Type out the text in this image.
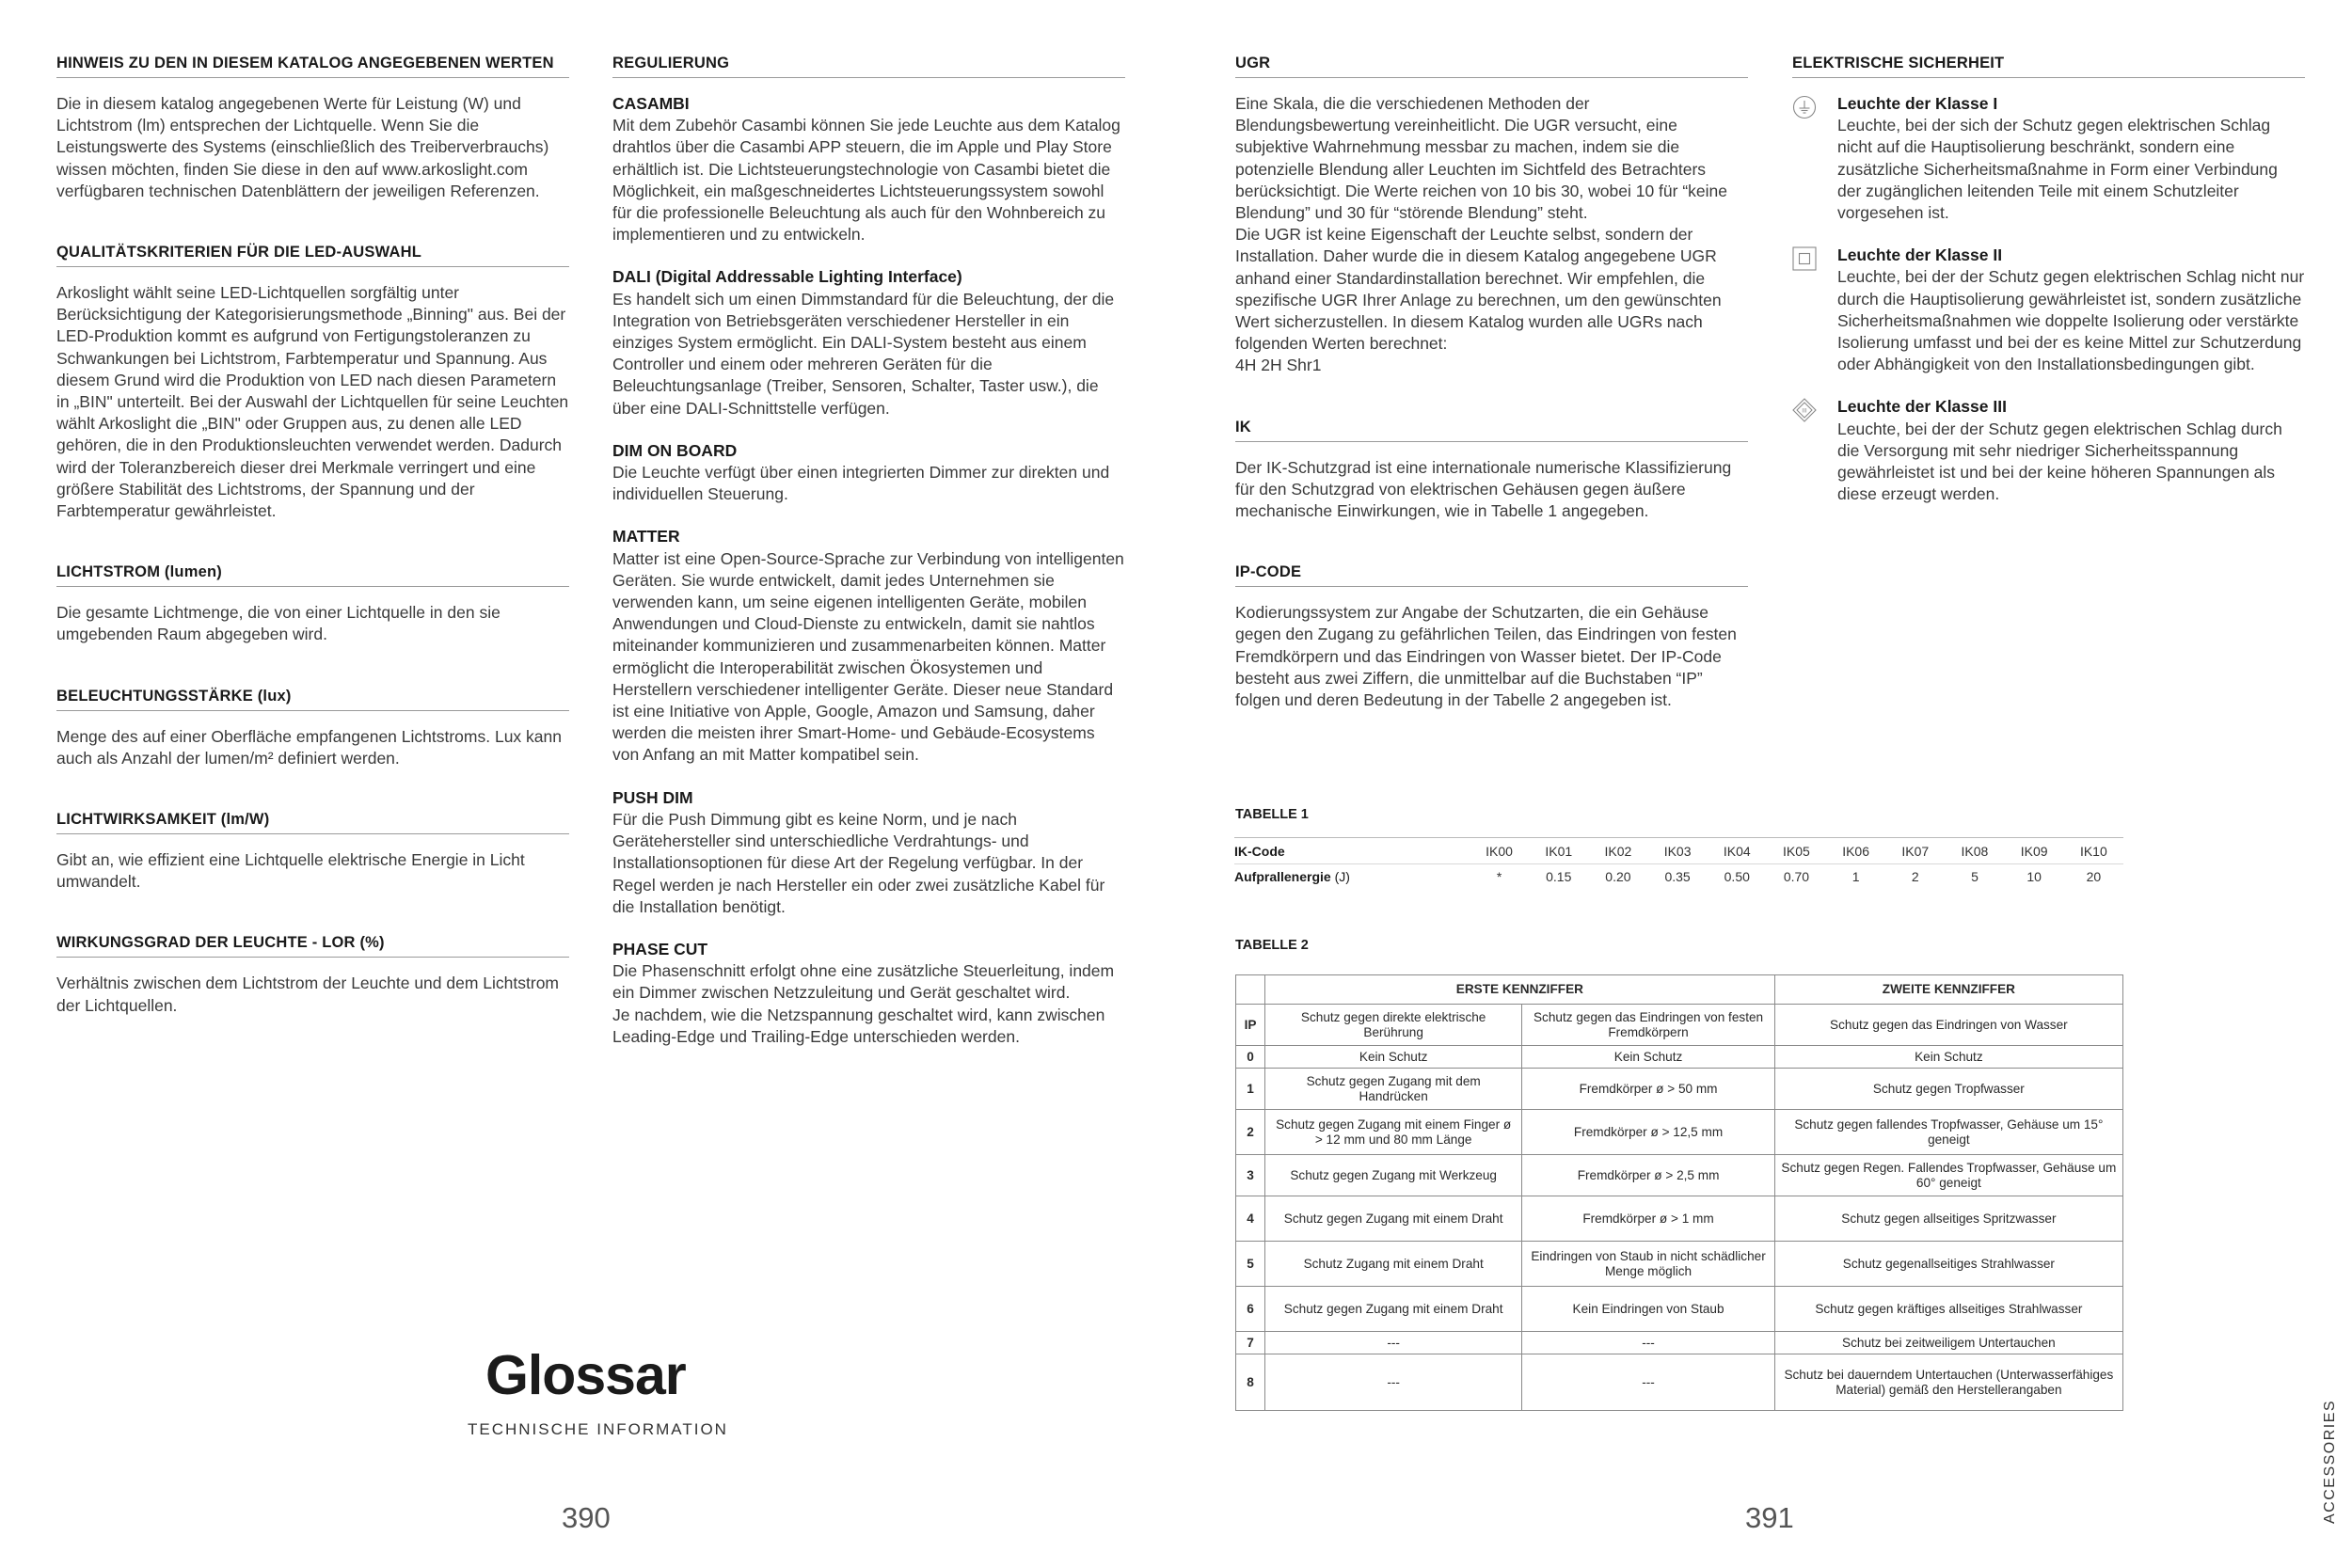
HINWEIS ZU DEN IN DIESEM KATALOG ANGEGEBENEN WERTEN

Die in diesem katalog angegebenen Werte für Leistung (W) und Lichtstrom (lm) entsprechen der Lichtquelle. Wenn Sie die Leistungswerte des Systems (einschließlich des Treiberverbrauchs) wissen möchten, finden Sie diese in den auf www.arkoslight.com verfügbaren technischen Datenblättern der jeweiligen Referenzen.

QUALITÄTSKRITERIEN FÜR DIE LED-AUSWAHL

Arkoslight wählt seine LED-Lichtquellen sorgfältig unter Berücksichtigung der Kategorisierungsmethode „Binning" aus. Bei der LED-Produktion kommt es aufgrund von Fertigungstoleranzen zu Schwankungen bei Lichtstrom, Farbtemperatur und Spannung. Aus diesem Grund wird die Produktion von LED nach diesen Parametern in „BIN" unterteilt. Bei der Auswahl der Lichtquellen für seine Leuchten wählt Arkoslight die „BIN" oder Gruppen aus, zu denen alle LED gehören, die in den Produktionsleuchten verwendet werden. Dadurch wird der Toleranzbereich dieser drei Merkmale verringert und eine größere Stabilität des Lichtstroms, der Spannung und der Farbtemperatur gewährleistet.

LICHTSTROM (lumen)

Die gesamte Lichtmenge, die von einer Lichtquelle in den sie umgebenden Raum abgegeben wird.

BELEUCHTUNGSSTÄRKE (lux)

Menge des auf einer Oberfläche empfangenen Lichtstroms. Lux kann auch als Anzahl der lumen/m² definiert werden.

LICHTWIRKSAMKEIT (lm/W)

Gibt an, wie effizient eine Lichtquelle elektrische Energie in Licht umwandelt.

WIRKUNGSGRAD DER LEUCHTE - LOR (%)

Verhältnis zwischen dem Lichtstrom der Leuchte und dem Lichtstrom der Lichtquellen.

REGULIERUNG

CASAMBI

Mit dem Zubehör Casambi können Sie jede Leuchte aus dem Katalog drahtlos über die Casambi APP steuern, die im Apple und Play Store erhältlich ist. Die Lichtsteuerungstechnologie von Casambi bietet die Möglichkeit, ein maßgeschneidertes Lichtsteuerungssystem sowohl für die professionelle Beleuchtung als auch für den Wohnbereich zu implementieren und zu entwickeln.

DALI (Digital Addressable Lighting Interface)

Es handelt sich um einen Dimmstandard für die Beleuchtung, der die Integration von Betriebsgeräten verschiedener Hersteller in ein einziges System ermöglicht. Ein DALI-System besteht aus einem Controller und einem oder mehreren Geräten für die Beleuchtungsanlage (Treiber, Sensoren, Schalter, Taster usw.), die über eine DALI-Schnittstelle verfügen.

DIM ON BOARD

Die Leuchte verfügt über einen integrierten Dimmer zur direkten und individuellen Steuerung.

MATTER

Matter ist eine Open-Source-Sprache zur Verbindung von intelligenten Geräten. Sie wurde entwickelt, damit jedes Unternehmen sie verwenden kann, um seine eigenen intelligenten Geräte, mobilen Anwendungen und Cloud-Dienste zu entwickeln, damit sie nahtlos miteinander kommunizieren und zusammenarbeiten können. Matter ermöglicht die Interoperabilität zwischen Ökosystemen und Herstellern verschiedener intelligenter Geräte. Dieser neue Standard ist eine Initiative von Apple, Google, Amazon und Samsung, daher werden die meisten ihrer Smart-Home- und Gebäude-Ecosystems von Anfang an mit Matter kompatibel sein.

PUSH DIM

Für die Push Dimmung gibt es keine Norm, und je nach Gerätehersteller sind unterschiedliche Verdrahtungs- und Installationsoptionen für diese Art der Regelung verfügbar. In der Regel werden je nach Hersteller ein oder zwei zusätzliche Kabel für die Installation benötigt.

PHASE CUT

Die Phasenschnitt erfolgt ohne eine zusätzliche Steuerleitung, indem ein Dimmer zwischen Netzzuleitung und Gerät geschaltet wird.
Je nachdem, wie die Netzspannung geschaltet wird, kann zwischen Leading-Edge und Trailing-Edge unterschieden werden.

Glossar
TECHNISCHE INFORMATION
390
UGR

Eine Skala, die die verschiedenen Methoden der Blendungsbewertung vereinheitlicht. Die UGR versucht, eine subjektive Wahrnehmung messbar zu machen, indem sie die potenzielle Blendung aller Leuchten im Sichtfeld des Betrachters berücksichtigt. Die Werte reichen von 10 bis 30, wobei 10 für “keine Blendung” und 30 für “störende Blendung” steht.
Die UGR ist keine Eigenschaft der Leuchte selbst, sondern der Installation. Daher wurde die in diesem Katalog angegebene UGR anhand einer Standardinstallation berechnet. Wir empfehlen, die spezifische UGR Ihrer Anlage zu berechnen, um den gewünschten Wert sicherzustellen. In diesem Katalog wurden alle UGRs nach folgenden Werten berechnet:
4H 2H Shr1

IK

Der IK-Schutzgrad ist eine internationale numerische Klassifizierung für den Schutzgrad von elektrischen Gehäusen gegen äußere mechanische Einwirkungen, wie in Tabelle 1 angegeben.

IP-CODE

Kodierungssystem zur Angabe der Schutzarten, die ein Gehäuse gegen den Zugang zu gefährlichen Teilen, das Eindringen von festen Fremdkörpern und das Eindringen von Wasser bietet. Der IP-Code besteht aus zwei Ziffern, die unmittelbar auf die Buchstaben “IP” folgen und deren Bedeutung in der Tabelle 2 angegeben ist.

ELEKTRISCHE SICHERHEIT

Leuchte der Klasse I

Leuchte, bei der sich der Schutz gegen elektrischen Schlag nicht auf die Hauptisolierung beschränkt, sondern eine zusätzliche Sicherheitsmaßnahme in Form einer Verbindung der zugänglichen leitenden Teile mit einem Schutzleiter vorgesehen ist.

Leuchte der Klasse II

Leuchte, bei der der Schutz gegen elektrischen Schlag nicht nur durch die Hauptisolierung gewährleistet ist, sondern zusätzliche Sicherheitsmaßnahmen wie doppelte Isolierung oder verstärkte Isolierung umfasst und bei der es keine Mittel zur Schutzerdung oder Abhängigkeit von den Installationsbedingungen gibt.

III Leuchte der Klasse III

Leuchte, bei der der Schutz gegen elektrischen Schlag durch die Versorgung mit sehr niedriger Sicherheitsspannung gewährleistet ist und bei der keine höheren Spannungen als diese erzeugt werden.

TABELLE 1
IK-Code	IK00	IK01	IK02	IK03	IK04	IK05	IK06	IK07	IK08	IK09	IK10
Aufprallenergie (J)	*	0.15	0.20	0.35	0.50	0.70	1	2	5	10	20
TABELLE 2
	ERSTE KENNZIFFER		ZWEITE KENNZIFFER
IP	Schutz gegen direkte elektrische Berührung	Schutz gegen das Eindringen von festen Fremdkörpern	Schutz gegen das Eindringen von Wasser
0	Kein Schutz	Kein Schutz	Kein Schutz
1	Schutz gegen Zugang mit dem Handrücken	Fremdkörper ø > 50 mm	Schutz gegen Tropfwasser
2	Schutz gegen Zugang mit einem Finger ø > 12 mm und 80 mm Länge	Fremdkörper ø > 12,5 mm	Schutz gegen fallendes Tropfwasser, Gehäuse um 15° geneigt
3	Schutz gegen Zugang mit Werkzeug	Fremdkörper ø > 2,5 mm	Schutz gegen Regen. Fallendes Tropfwasser, Gehäuse um 60° geneigt
4	Schutz gegen Zugang mit einem Draht	Fremdkörper ø > 1 mm	Schutz gegen allseitiges Spritzwasser
5	Schutz Zugang mit einem Draht	Eindringen von Staub in nicht schädlicher Menge möglich	Schutz gegenallseitiges Strahlwasser
6	Schutz gegen Zugang mit einem Draht	Kein Eindringen von Staub	Schutz gegen kräftiges allseitiges Strahlwasser
7	---	---	Schutz bei zeitweiligem Untertauchen
8	---	---	Schutz bei dauerndem Untertauchen (Unterwasserfähiges Material) gemäß den Herstellerangaben
391	ACCESSORIES
